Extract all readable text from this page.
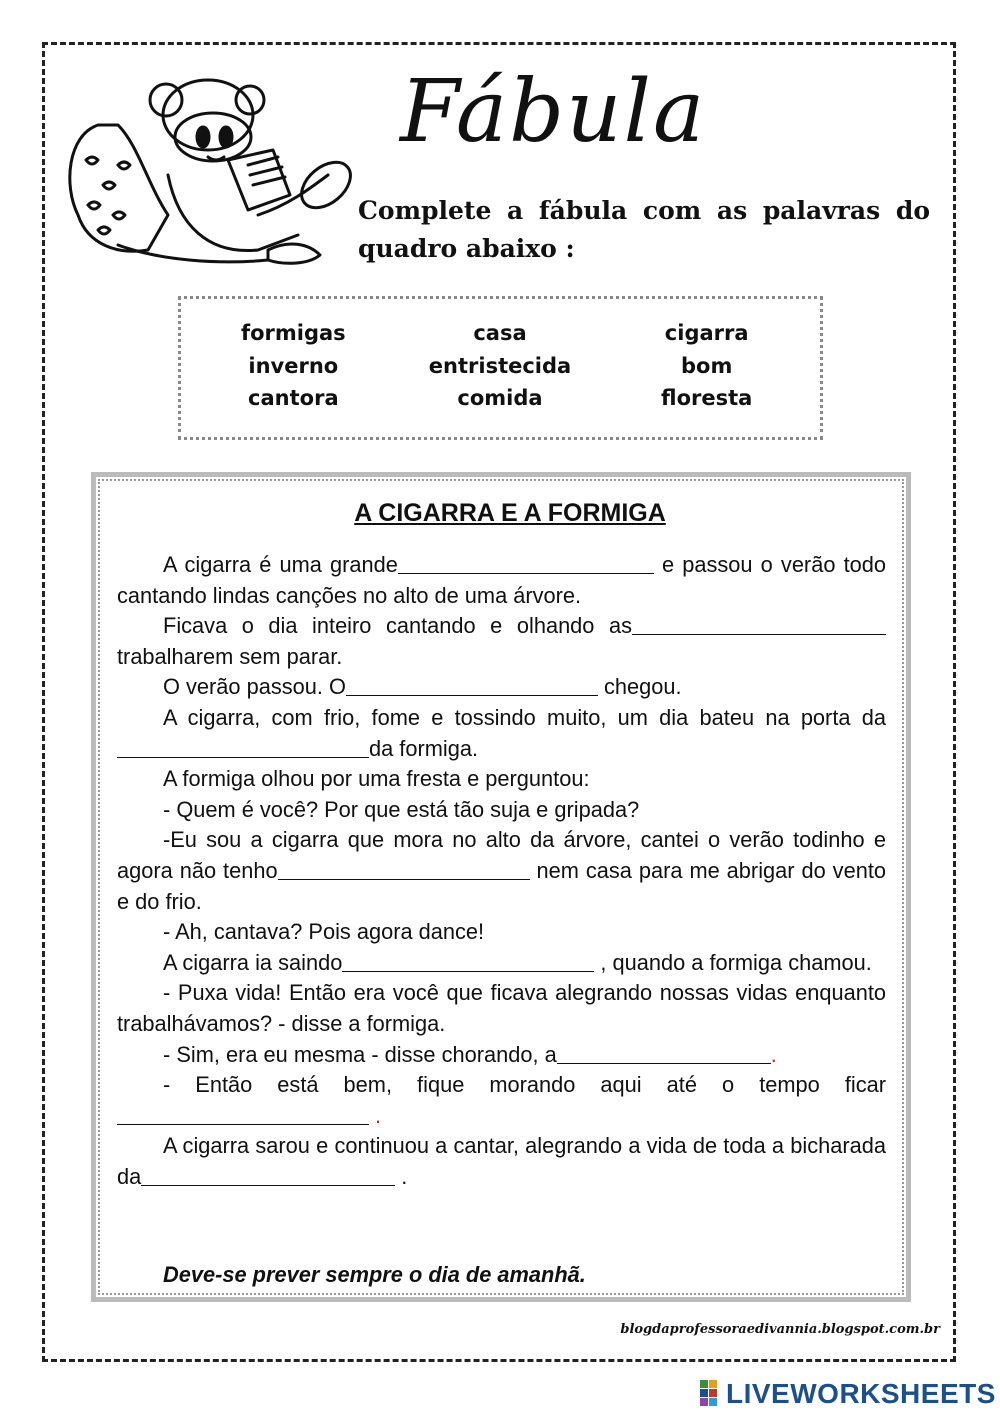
Fábula
Complete a fábula com as palavras do quadro abaixo :
formigas	casa	cigarra
inverno	entristecida	bom
cantora	comida	floresta
A CIGARRA E A FORMIGA

A cigarra é uma grande	e passou o verão todo cantando lindas canções no alto de uma árvore.

Ficava o dia inteiro cantando e olhando as trabalharem sem parar.

O verão passou. O	chegou.

A cigarra, com frio, fome e tossindo muito, um dia bateu na porta dada formiga.

A formiga olhou por uma fresta e perguntou:

- Quem é você? Por que está tão suja e gripada?

-Eu sou a cigarra que mora no alto da árvore, cantei o verão todinho e agora não tenho	nem casa para me abrigar do vento e do frio.

- Ah, cantava? Pois agora dance!

A cigarra ia saindo	, quando a formiga chamou.

- Puxa vida! Então era você que ficava alegrando nossas vidas enquanto trabalhávamos? - disse a formiga.

- Sim, era eu mesma - disse chorando, a	.

- Então está bem, fique morando aqui até o tempo ficar .

A cigarra sarou e continuou a cantar, alegrando a vida de toda a bicharada da	.

Deve-se prever sempre o dia de amanhã.
blogdaprofessoraedivannia.blogspot.com.br
LIVEWORKSHEETS
